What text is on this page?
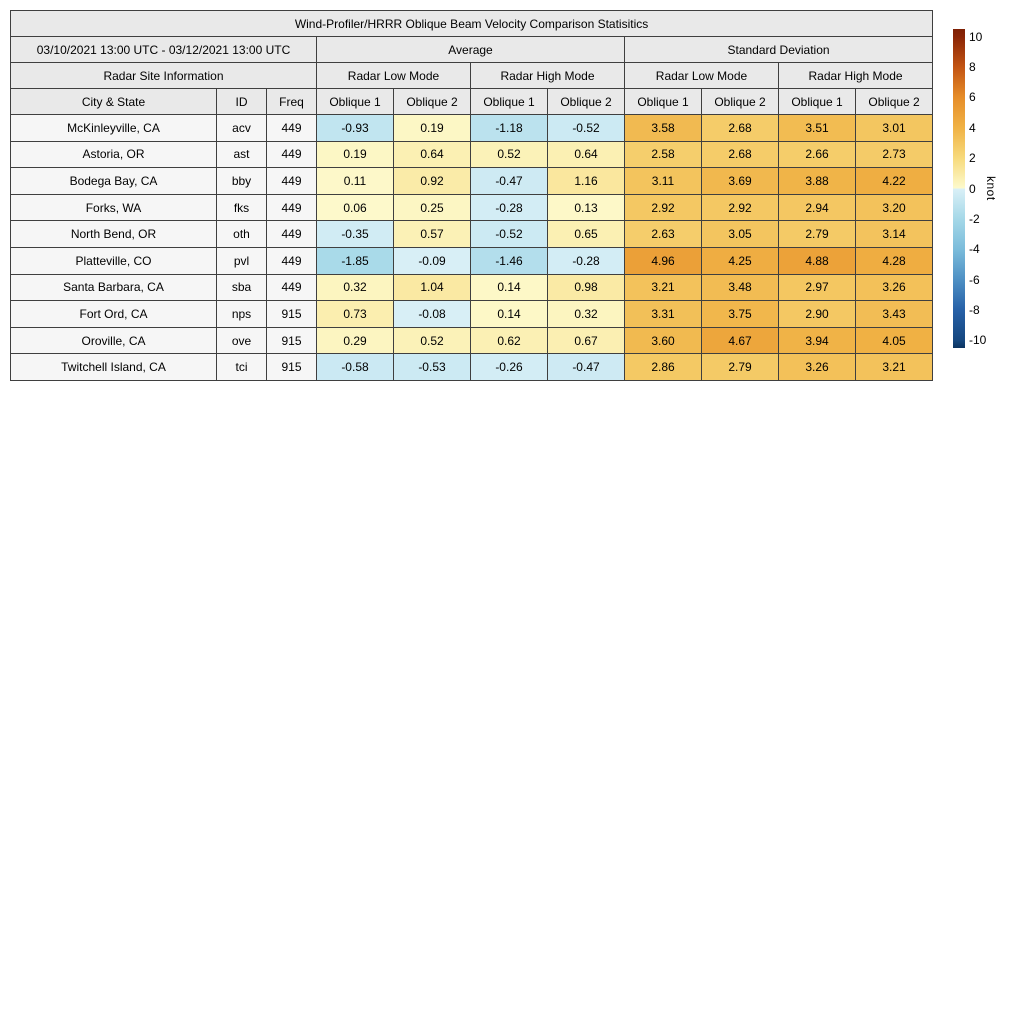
Wind-Profiler/HRRR Oblique Beam Velocity Comparison Statisitics										
03/10/2021 13:00 UTC - 03/12/2021 13:00 UTC			Average				Standard Deviation			
Radar Site Information			Radar Low Mode		Radar High Mode		Radar Low Mode		Radar High Mode	
City & State	ID	Freq	Oblique 1	Oblique 2	Oblique 1	Oblique 2	Oblique 1	Oblique 2	Oblique 1	Oblique 2
McKinleyville, CA	acv	449	-0.93	0.19	-1.18	-0.52	3.58	2.68	3.51	3.01
Astoria, OR	ast	449	0.19	0.64	0.52	0.64	2.58	2.68	2.66	2.73
Bodega Bay, CA	bby	449	0.11	0.92	-0.47	1.16	3.11	3.69	3.88	4.22
Forks, WA	fks	449	0.06	0.25	-0.28	0.13	2.92	2.92	2.94	3.20
North Bend, OR	oth	449	-0.35	0.57	-0.52	0.65	2.63	3.05	2.79	3.14
Platteville, CO	pvl	449	-1.85	-0.09	-1.46	-0.28	4.96	4.25	4.88	4.28
Santa Barbara, CA	sba	449	0.32	1.04	0.14	0.98	3.21	3.48	2.97	3.26
Fort Ord, CA	nps	915	0.73	-0.08	0.14	0.32	3.31	3.75	2.90	3.43
Oroville, CA	ove	915	0.29	0.52	0.62	0.67	3.60	4.67	3.94	4.05
Twitchell Island, CA	tci	915	-0.58	-0.53	-0.26	-0.47	2.86	2.79	3.26	3.21
10
8
6
4
2
0
-2
-4
-6
-8
-10
knot
